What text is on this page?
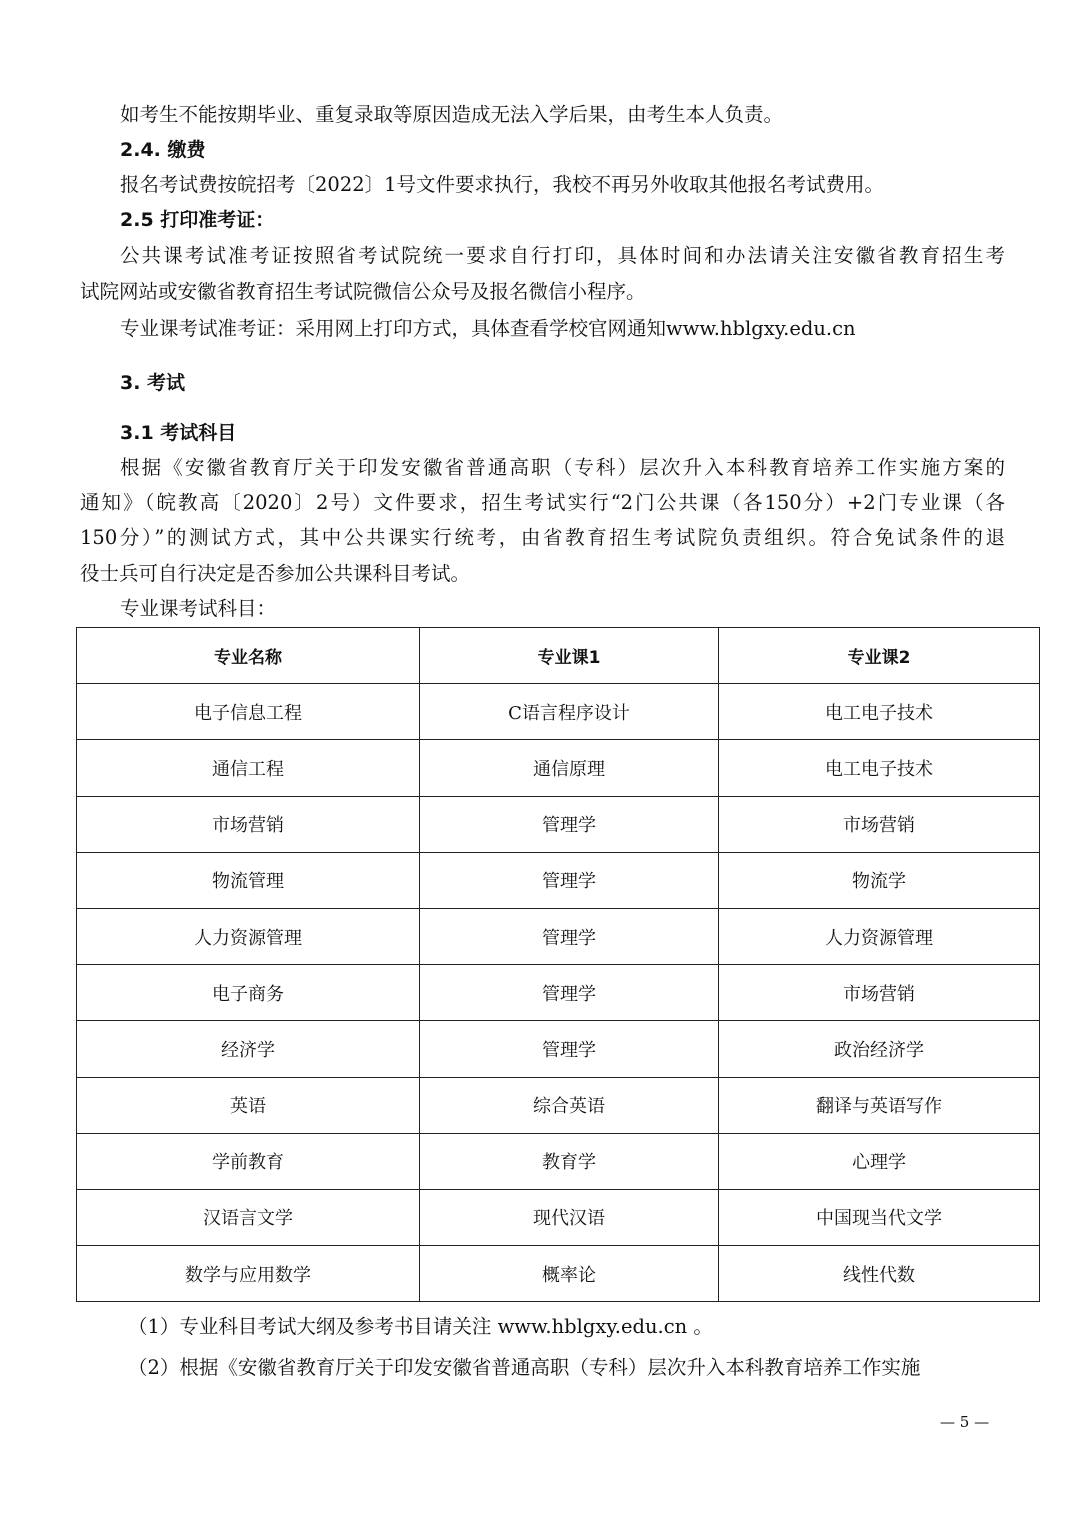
如考生不能按期毕业、重复录取等原因造成无法入学后果，由考生本人负责。
2.4. 缴费
报名考试费按皖招考〔2022〕1号文件要求执行，我校不再另外收取其他报名考试费用。
2.5 打印准考证：
公共课考试准考证按照省考试院统一要求自行打印，具体时间和办法请关注安徽省教育招生考
试院网站或安徽省教育招生考试院微信公众号及报名微信小程序。
专业课考试准考证：采用网上打印方式，具体查看学校官网通知www.hblgxy.edu.cn
3. 考试
3.1 考试科目
根据《安徽省教育厅关于印发安徽省普通高职（专科）层次升入本科教育培养工作实施方案的
通知》（皖教高〔2020〕2号）文件要求，招生考试实行“2门公共课（各150分）+2门专业课（各
150分）”的测试方式，其中公共课实行统考，由省教育招生考试院负责组织。符合免试条件的退
役士兵可自行决定是否参加公共课科目考试。
专业课考试科目：
专业名称	专业课1	专业课2
电子信息工程	C语言程序设计	电工电子技术
通信工程	通信原理	电工电子技术
市场营销	管理学	市场营销
物流管理	管理学	物流学
人力资源管理	管理学	人力资源管理
电子商务	管理学	市场营销
经济学	管理学	政治经济学
英语	综合英语	翻译与英语写作
学前教育	教育学	心理学
汉语言文学	现代汉语	中国现当代文学
数学与应用数学	概率论	线性代数
（1）专业科目考试大纲及参考书目请关注 www.hblgxy.edu.cn 。
（2）根据《安徽省教育厅关于印发安徽省普通高职（专科）层次升入本科教育培养工作实施
— 5 —
